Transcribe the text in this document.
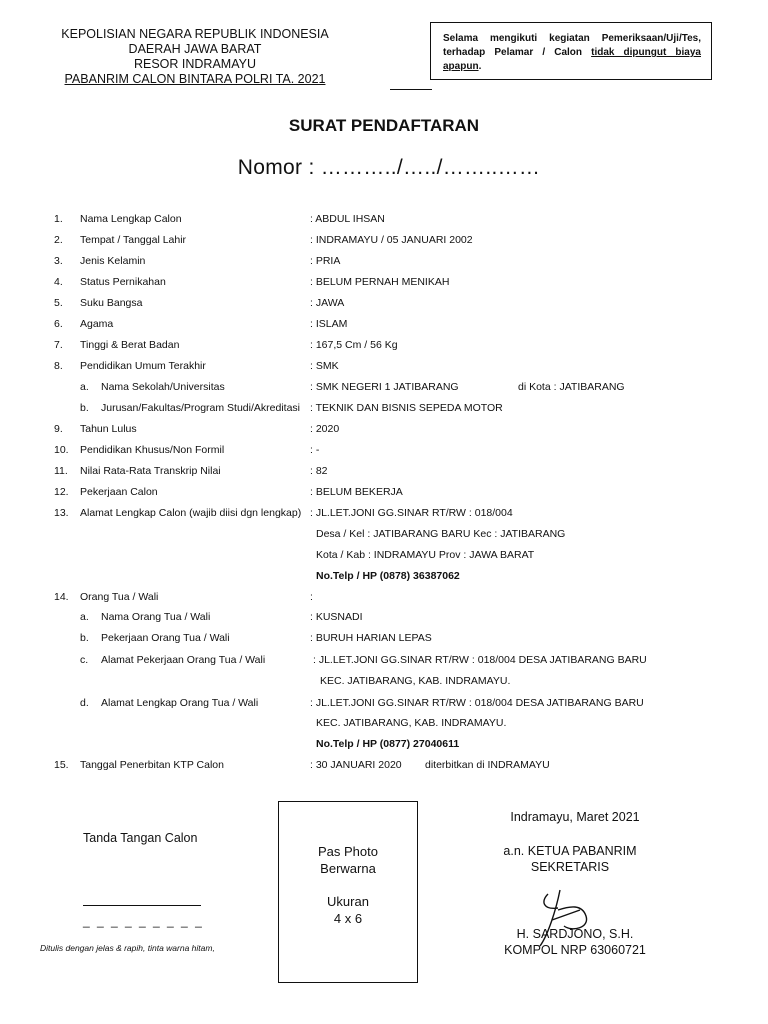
KEPOLISIAN NEGARA REPUBLIK INDONESIA
DAERAH JAWA BARAT
RESOR INDRAMAYU
PABANRIM CALON BINTARA POLRI TA. 2021
Selama mengikuti kegiatan Pemeriksaan/Uji/Tes, terhadap Pelamar / Calon tidak dipungut biaya apapun.
SURAT PENDAFTARAN
Nomor : ………../…../……..……
1. Nama Lengkap Calon	: ABDUL IHSAN
2. Tempat / Tanggal Lahir	: INDRAMAYU / 05 JANUARI 2002
3. Jenis Kelamin	: PRIA
4. Status Pernikahan	: BELUM PERNAH MENIKAH
5. Suku Bangsa	: JAWA
6. Agama	: ISLAM
7. Tinggi & Berat Badan	: 167,5 Cm / 56 Kg
8. Pendidikan Umum Terakhir	: SMK
a. Nama Sekolah/Universitas	: SMK NEGERI 1 JATIBARANG	di Kota : JATIBARANG
b. Jurusan/Fakultas/Program Studi/Akreditasi : TEKNIK DAN BISNIS SEPEDA MOTOR
9. Tahun Lulus	: 2020
10. Pendidikan Khusus/Non Formil	: -
11. Nilai Rata-Rata Transkrip Nilai	: 82
12. Pekerjaan Calon	: BELUM BEKERJA
13. Alamat Lengkap Calon (wajib diisi dgn lengkap) : JL.LET.JONI GG.SINAR RT/RW : 018/004
Desa / Kel : JATIBARANG BARU Kec : JATIBARANG
Kota / Kab : INDRAMAYU Prov : JAWA BARAT
No.Telp / HP (0878) 36387062
14. Orang Tua / Wali	:
a. Nama Orang Tua / Wali	: KUSNADI
b. Pekerjaan Orang Tua / Wali	: BURUH HARIAN LEPAS
c. Alamat Pekerjaan Orang Tua / Wali	: JL.LET.JONI GG.SINAR RT/RW : 018/004 DESA JATIBARANG BARU
KEC. JATIBARANG, KAB. INDRAMAYU.
d. Alamat Lengkap Orang Tua / Wali	: JL.LET.JONI GG.SINAR RT/RW : 018/004 DESA JATIBARANG BARU
KEC. JATIBARANG, KAB. INDRAMAYU.
No.Telp / HP (0877) 27040611
15. Tanggal Penerbitan KTP Calon	: 30 JANUARI 2020 diterbitkan di INDRAMAYU
Tanda Tangan Calon
_ _ _ _ _ _ _ _ _
Ditulis dengan jelas & rapih, tinta warna hitam,
Pas Photo
Berwarna
Ukuran
4 x 6
Indramayu, Maret 2021
a.n. KETUA PABANRIM
SEKRETARIS
H. SARDJONO, S.H.
KOMPOL NRP 63060721
